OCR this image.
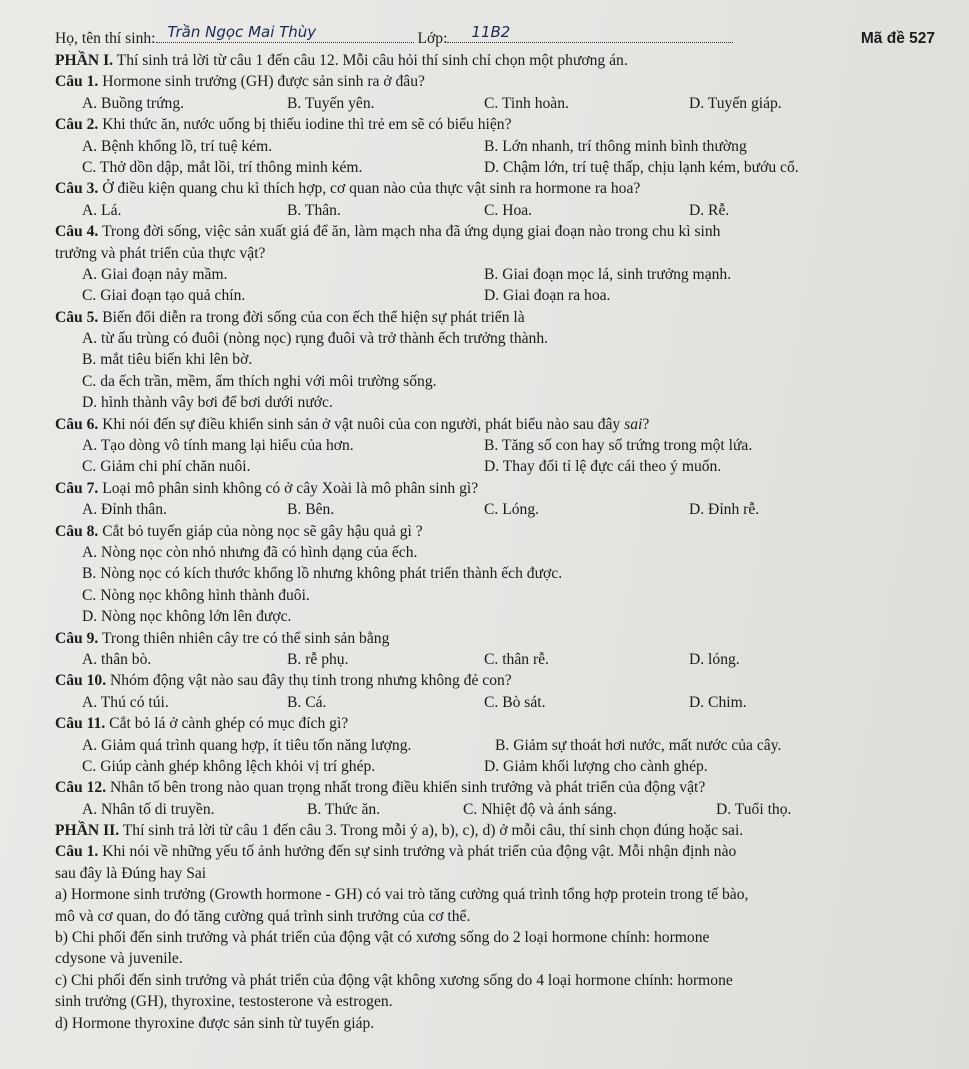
Họ, tên thí sinh: Trần Ngọc Mai Thùy	Lớp: 11B2	Mã đề 527
PHẦN I. Thí sinh trả lời từ câu 1 đến câu 12. Mỗi câu hỏi thí sinh chỉ chọn một phương án.
Câu 1. Hormone sinh trưởng (GH) được sản sinh ra ở đâu?
A. Buồng trứng.	B. Tuyến yên.	C. Tinh hoàn.	D. Tuyến giáp.
Câu 2. Khi thức ăn, nước uống bị thiếu iodine thì trẻ em sẽ có biểu hiện?
A. Bệnh khổng lồ, trí tuệ kém.	B. Lớn nhanh, trí thông minh bình thường
C. Thở dồn dập, mắt lồi, trí thông minh kém.	D. Chậm lớn, trí tuệ thấp, chịu lạnh kém, bướu cổ.
Câu 3. Ở điều kiện quang chu kì thích hợp, cơ quan nào của thực vật sinh ra hormone ra hoa?
A. Lá.	B. Thân.	C. Hoa.	D. Rễ.
Câu 4. Trong đời sống, việc sản xuất giá để ăn, làm mạch nha đã ứng dụng giai đoạn nào trong chu kì sinh
trưởng và phát triển của thực vật?
A. Giai đoạn nảy mầm.	B. Giai đoạn mọc lá, sinh trưởng mạnh.
C. Giai đoạn tạo quả chín.	D. Giai đoạn ra hoa.
Câu 5. Biến đổi diễn ra trong đời sống của con ếch thể hiện sự phát triển là
A. từ ấu trùng có đuôi (nòng nọc) rụng đuôi và trở thành ếch trưởng thành.
B. mắt tiêu biến khi lên bờ.
C. da ếch trần, mềm, ẩm thích nghi với môi trường sống.
D. hình thành vây bơi để bơi dưới nước.
Câu 6. Khi nói đến sự điều khiển sinh sản ở vật nuôi của con người, phát biểu nào sau đây sai?
A. Tạo dòng vô tính mang lại hiểu của hơn.	B. Tăng số con hay số trứng trong một lứa.
C. Giảm chi phí chăn nuôi.	D. Thay đổi tỉ lệ đực cái theo ý muốn.
Câu 7. Loại mô phân sinh không có ở cây Xoài là mô phân sinh gì?
A. Đỉnh thân.	B. Bên.	C. Lóng.	D. Đỉnh rễ.
Câu 8. Cắt bỏ tuyến giáp của nòng nọc sẽ gây hậu quả gì ?
A. Nòng nọc còn nhỏ nhưng đã có hình dạng của ếch.
B. Nòng nọc có kích thước khổng lồ nhưng không phát triển thành ếch được.
C. Nòng nọc không hình thành đuôi.
D. Nòng nọc không lớn lên được.
Câu 9. Trong thiên nhiên cây tre có thể sinh sản bằng
A. thân bò.	B. rễ phụ.	C. thân rễ.	D. lóng.
Câu 10. Nhóm động vật nào sau đây thụ tinh trong nhưng không đẻ con?
A. Thú có túi.	B. Cá.	C. Bò sát.	D. Chim.
Câu 11. Cắt bỏ lá ở cành ghép có mục đích gì?
A. Giảm quá trình quang hợp, ít tiêu tốn năng lượng.	B. Giảm sự thoát hơi nước, mất nước của cây.
C. Giúp cành ghép không lệch khỏi vị trí ghép.	D. Giảm khối lượng cho cành ghép.
Câu 12. Nhân tố bên trong nào quan trọng nhất trong điều khiển sinh trưởng và phát triển của động vật?
A. Nhân tố di truyền.	B. Thức ăn.	C. Nhiệt độ và ánh sáng.	D. Tuổi thọ.
PHẦN II. Thí sinh trả lời từ câu 1 đến câu 3. Trong mỗi ý a), b), c), d) ở mỗi câu, thí sinh chọn đúng hoặc sai.
Câu 1. Khi nói về những yếu tố ảnh hưởng đến sự sinh trưởng và phát triển của động vật. Mỗi nhận định nào
sau đây là Đúng hay Sai
a) Hormone sinh trưởng (Growth hormone - GH) có vai trò tăng cường quá trình tổng hợp protein trong tế bào,
mô và cơ quan, do đó tăng cường quá trình sinh trưởng của cơ thể.
b) Chi phối đến sinh trưởng và phát triển của động vật có xương sống do 2 loại hormone chính: hormone
cdysone và juvenile.
c) Chi phối đến sinh trưởng và phát triển của động vật không xương sống do 4 loại hormone chính: hormone
sinh trưởng (GH), thyroxine, testosterone và estrogen.
d) Hormone thyroxine được sản sinh từ tuyến giáp.
